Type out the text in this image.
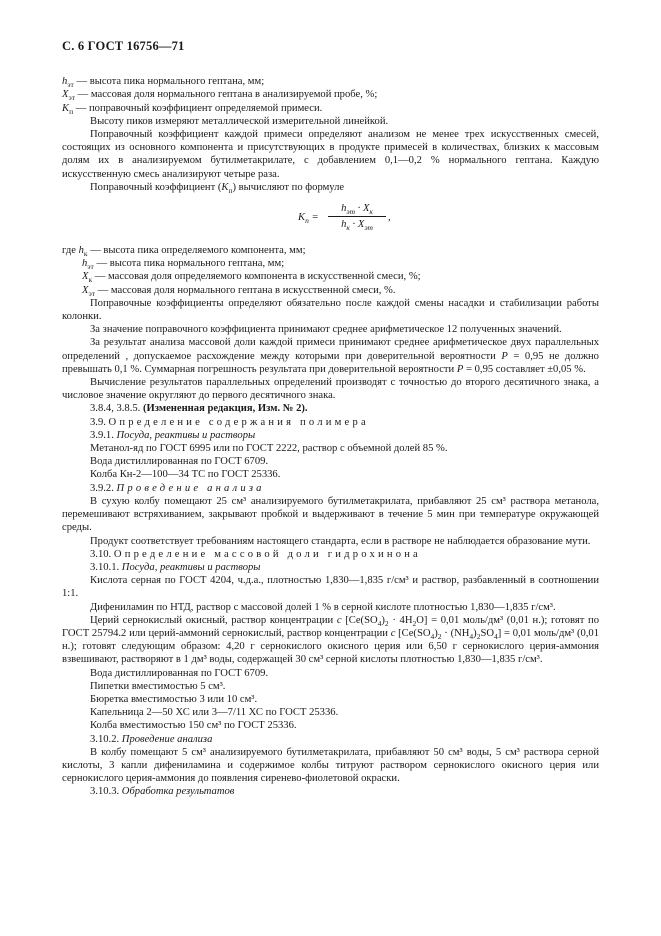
С. 6 ГОСТ 16756—71

$h_{эт}$ — высота пика нормального гептана, мм;

$X_{эт}$ — массовая доля нормального гептана в анализируемой пробе, %;

$K_п$ — поправочный коэффициент определяемой примеси.

Высоту пиков измеряют металлической измерительной линейкой.

Поправочный коэффициент каждой примеси определяют анализом не менее трех искусственных смесей, состоящих из основного компонента и присутствующих в продукте примесей в количествах, близких к массовым долям их в анализируемом бутилметакрилате, с добавлением 0,1—0,2 % нормального гептана. Каждую искусственную смесь анализируют четыре раза.

Поправочный коэффициент $(K_п)$ вычисляют по формуле

$K_п$ =
$h_{эт} \cdot X_к$
$h_к \cdot X_{эт}$
,

где $h_к$ — высота пика определяемого компонента, мм;

$h_{эт}$ — высота пика нормального гептана, мм;

$X_к$ — массовая доля определяемого компонента в искусственной смеси, %;

$X_{эт}$ — массовая доля нормального гептана в искусственной смеси, %.

Поправочные коэффициенты определяют обязательно после каждой смены насадки и стабилизации работы колонки.

За значение поправочного коэффициента принимают среднее арифметическое 12 полученных значений.

За результат анализа массовой доли каждой примеси принимают среднее арифметическое двух параллельных определений , допускаемое расхождение между которыми при доверительной вероятности P = 0,95 не должно превышать 0,1 %. Суммарная погрешность результата при доверительной вероятности P = 0,95 составляет ±0,05 %.

Вычисление результатов параллельных определений производят с точностью до второго десятичного знака, а числовое значение округляют до первого десятичного знака.

3.8.4, 3.8.5. (Измененная редакция, Изм. № 2).

3.9. Определение содержания полимера

3.9.1. Посуда, реактивы и растворы

Метанол-яд по ГОСТ 6995 или по ГОСТ 2222, раствор с объемной долей 85 %.

Вода дистиллированная по ГОСТ 6709.

Колба Кн-2—100—34 ТС по ГОСТ 25336.

3.9.2. Проведение анализа

В сухую колбу помещают 25 см³ анализируемого бутилметакрилата, прибавляют 25 см³ раствора метанола, перемешивают встряхиванием, закрывают пробкой и выдерживают в течение 5 мин при температуре окружающей среды.

Продукт соответствует требованиям настоящего стандарта, если в растворе не наблюдается образование мути.

3.10. Определение массовой доли гидрохинона

3.10.1. Посуда, реактивы и растворы

Кислота серная по ГОСТ 4204, ч.д.а., плотностью 1,830—1,835 г/см³ и раствор, разбавленный в соотношении 1:1.

Дифениламин по НТД, раствор с массовой долей 1 % в серной кислоте плотностью 1,830—1,835 г/см³.

Церий сернокислый окисный, раствор концентрации c $[Ce(SO_4)_2 \cdot 4H_2O] = 0,01$ моль/дм³ (0,01 н.); готовят по ГОСТ 25794.2 или церий-аммоний сернокислый, раствор концентрации c $[Ce(SO_4)_2 \cdot (NH_4)_2SO_4] = 0,01$ моль/дм³ (0,01 н.); готовят следующим образом: 4,20 г сернокислого окисного церия или 6,50 г сернокислого церия-аммония взвешивают, растворяют в 1 дм³ воды, содержащей 30 см³ серной кислоты плотностью 1,830—1,835 г/см³.

Вода дистиллированная по ГОСТ 6709.

Пипетки вместимостью 5 см³.

Бюретка вместимостью 3 или 10 см³.

Капельница 2—50 ХС или 3—7/11 ХС по ГОСТ 25336.

Колба вместимостью 150 см³ по ГОСТ 25336.

3.10.2. Проведение анализа

В колбу помещают 5 см³ анализируемого бутилметакрилата, прибавляют 50 см³ воды, 5 см³ раствора серной кислоты, 3 капли дифениламина и содержимое колбы титруют раствором сернокислого окисного церия или сернокислого церия-аммония до появления сиренево-фиолетовой окраски.

3.10.3. Обработка результатов
